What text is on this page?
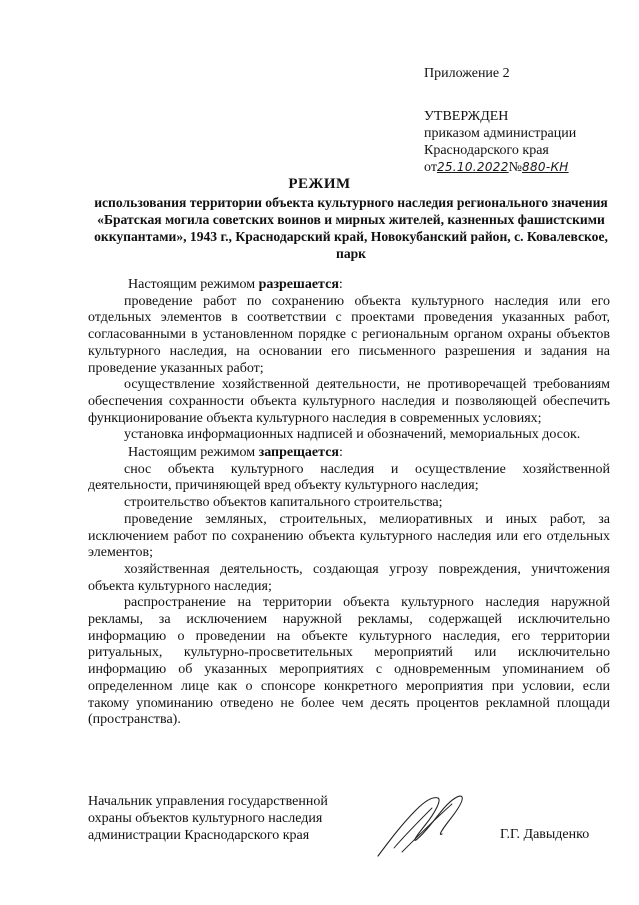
Приложение 2
УТВЕРЖДЕН
приказом администрации
Краснодарского края
от25.10.2022№880-КН
РЕЖИМ
использования территории объекта культурного наследия регионального значения «Братская могила советских воинов и мирных жителей, казненных фашистскими оккупантами», 1943 г., Краснодарский край, Новокубанский район, с. Ковалевское, парк

Настоящим режимом разрешается:

проведение работ по сохранению объекта культурного наследия или его отдельных элементов в соответствии с проектами проведения указанных работ, согласованными в установленном порядке с региональным органом охраны объектов культурного наследия, на основании его письменного разрешения и задания на проведение указанных работ;

осуществление хозяйственной деятельности, не противоречащей требованиям обеспечения сохранности объекта культурного наследия и позволяющей обеспечить функционирование объекта культурного наследия в современных условиях;

установка информационных надписей и обозначений, мемориальных досок.

Настоящим режимом запрещается:

снос объекта культурного наследия и осуществление хозяйственной деятельности, причиняющей вред объекту культурного наследия;

строительство объектов капитального строительства;

проведение земляных, строительных, мелиоративных и иных работ, за исключением работ по сохранению объекта культурного наследия или его отдельных элементов;

хозяйственная деятельность, создающая угрозу повреждения, уничтожения объекта культурного наследия;

распространение на территории объекта культурного наследия наружной рекламы, за исключением наружной рекламы, содержащей исключительно информацию о проведении на объекте культурного наследия, его территории ритуальных, культурно-просветительных мероприятий или исключительно информацию об указанных мероприятиях с одновременным упоминанием об определенном лице как о спонсоре конкретного мероприятия при условии, если такому упоминанию отведено не более чем десять процентов рекламной площади (пространства).

Начальник управления государственной
охраны объектов культурного наследия
администрации Краснодарского края	Г.Г. Давыденко
